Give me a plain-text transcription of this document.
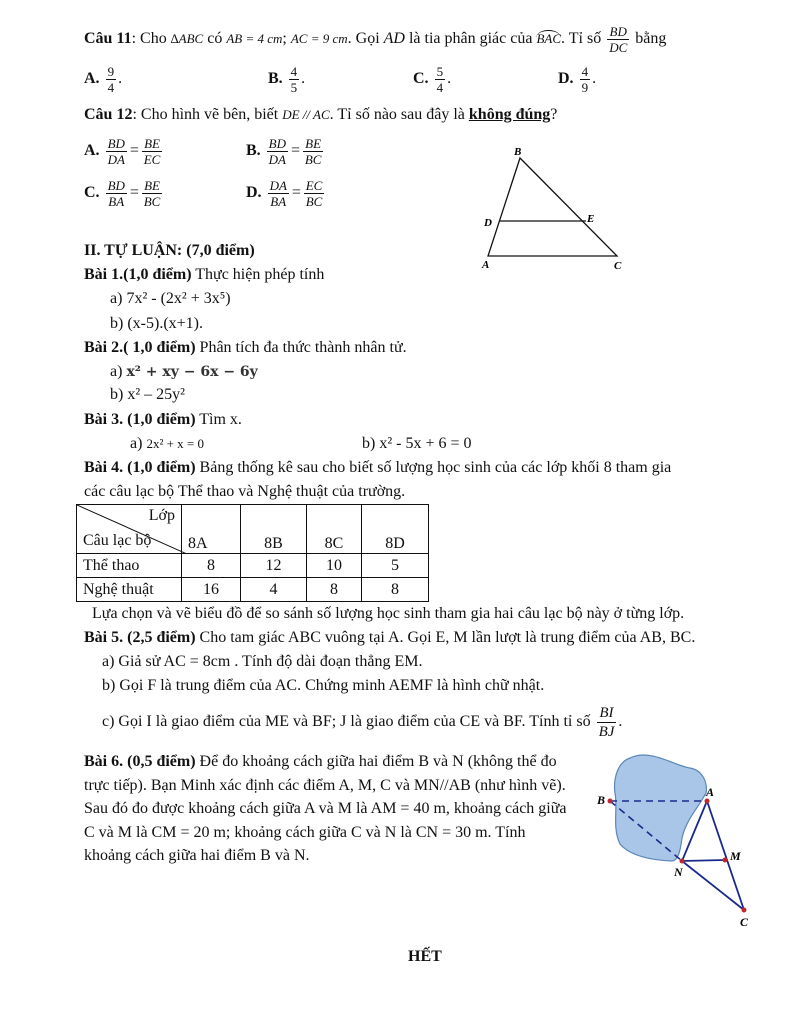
Câu 11: Cho ∆ABC có AB = 4 cm; AC = 9 cm. Gọi AD là tia phân giác của BAC. Tỉ số $\frac{BD}{DC}$ bằng
A. $\frac{9}{4}$ .	B. $\frac{4}{5}$ .	C. $\frac{5}{4}$ .	D. $\frac{4}{9}$ .
Câu 12: Cho hình vẽ bên, biết DE // AC. Tỉ số nào sau đây là không đúng?
A. $\frac{BD}{DA} = \frac{BE}{EC}$	B. $\frac{BD}{DA} = \frac{BE}{BC}$
C. $\frac{BD}{BA} = \frac{BE}{BC}$	D. $\frac{DA}{BA} = \frac{EC}{BC}$
B
D	E
A	C
II. TỰ LUẬN: (7,0 điểm)
Bài 1.(1,0 điểm) Thực hiện phép tính
a) 7x² - (2x² + 3x⁵)
b) (x-5).(x+1).
Bài 2.( 1,0 điểm) Phân tích đa thức thành nhân tử.
a) x² + xy − 6x − 6y
b) x² – 25y²
Bài 3. (1,0 điểm) Tìm x.
a) 2x² + x = 0	b) x² - 5x + 6 = 0
Bài 4. (1,0 điểm) Bảng thống kê sau cho biết số lượng học sinh của các lớp khối 8 tham gia
các câu lạc bộ Thể thao và Nghệ thuật của trường.
Lớp
Câu lạc bộ	8A	8B	8C	8D
Thể thao	8	12	10	5
Nghệ thuật	16	4	8	8
Lựa chọn và vẽ biểu đồ để so sánh số lượng học sinh tham gia hai câu lạc bộ này ở từng lớp.
Bài 5. (2,5 điểm) Cho tam giác ABC vuông tại A. Gọi E, M lần lượt là trung điểm của AB, BC.
a) Giả sử AC = 8cm . Tính độ dài đoạn thẳng EM.
b) Gọi F là trung điểm của AC. Chứng minh AEMF là hình chữ nhật.
c) Gọi I là giao điểm của ME và BF; J là giao điểm của CE và BF. Tính tỉ số $\frac{BI}{BJ}$ .
Bài 6. (0,5 điểm) Để đo khoảng cách giữa hai điểm B và N (không thể đo trực tiếp). Bạn Minh xác định các điểm A, M, C và MN//AB (như hình vẽ). Sau đó đo được khoảng cách giữa A và M là AM = 40 m, khoảng cách giữa C và M là CM = 20 m; khoảng cách giữa C và N là CN = 30 m. Tính khoảng cách giữa hai điểm B và N.
B
A
M
N
C
HẾT
